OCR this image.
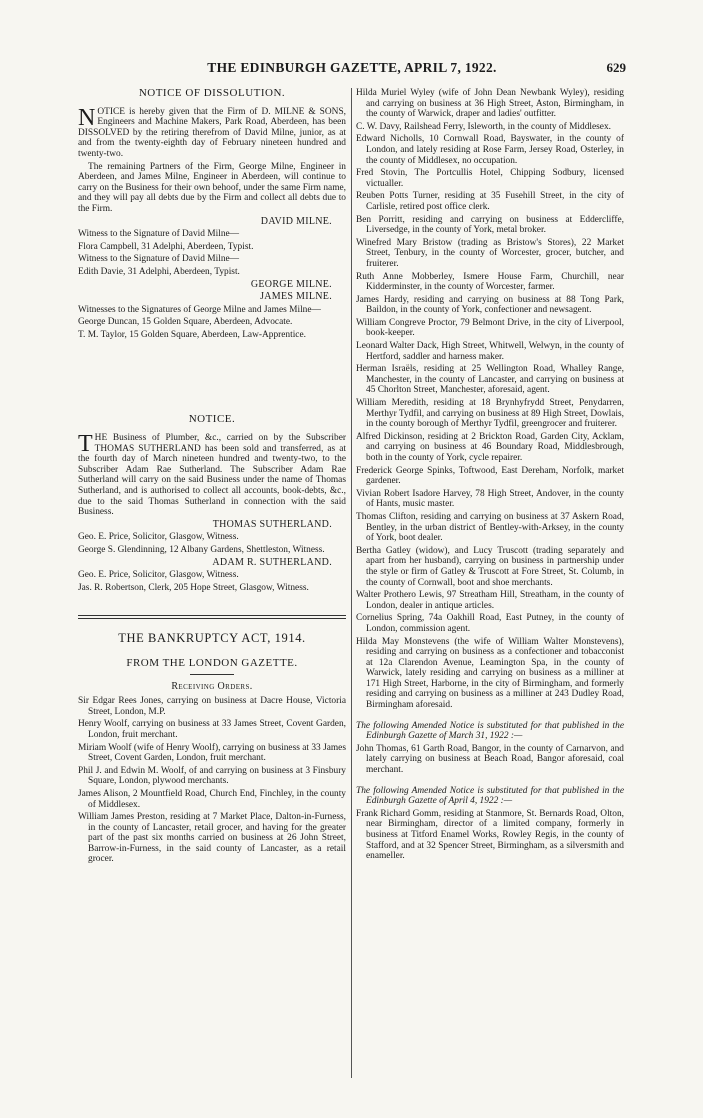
THE EDINBURGH GAZETTE, APRIL 7, 1922.	629
NOTICE OF DISSOLUTION.

NOTICE is hereby given that the Firm of D. MILNE & SONS, Engineers and Machine Makers, Park Road, Aberdeen, has been DISSOLVED by the retiring therefrom of David Milne, junior, as at and from the twenty-eighth day of February nineteen hundred and twenty-two.

The remaining Partners of the Firm, George Milne, Engineer in Aberdeen, and James Milne, Engineer in Aberdeen, will continue to carry on the Business for their own behoof, under the same Firm name, and they will pay all debts due by the Firm and collect all debts due to the Firm.

DAVID MILNE.

Witness to the Signature of David Milne—

Flora Campbell, 31 Adelphi, Aberdeen, Typist.

Witness to the Signature of David Milne—

Edith Davie, 31 Adelphi, Aberdeen, Typist.

GEORGE MILNE.
JAMES MILNE.

Witnesses to the Signatures of George Milne and James Milne—

George Duncan, 15 Golden Square, Aberdeen, Advocate.

T. M. Taylor, 15 Golden Square, Aberdeen, Law-Apprentice.

NOTICE.

THE Business of Plumber, &c., carried on by the Subscriber THOMAS SUTHERLAND has been sold and transferred, as at the fourth day of March nineteen hundred and twenty-two, to the Subscriber Adam Rae Sutherland. The Subscriber Adam Rae Sutherland will carry on the said Business under the name of Thomas Sutherland, and is authorised to collect all accounts, book-debts, &c., due to the said Thomas Sutherland in connection with the said Business.

THOMAS SUTHERLAND.

Geo. E. Price, Solicitor, Glasgow, Witness.

George S. Glendinning, 12 Albany Gardens, Shettleston, Witness.

ADAM R. SUTHERLAND.

Geo. E. Price, Solicitor, Glasgow, Witness.

Jas. R. Robertson, Clerk, 205 Hope Street, Glasgow, Witness.

THE BANKRUPTCY ACT, 1914.
FROM THE LONDON GAZETTE.
Receiving Orders.

Sir Edgar Rees Jones, carrying on business at Dacre House, Victoria Street, London, M.P.

Henry Woolf, carrying on business at 33 James Street, Covent Garden, London, fruit merchant.

Miriam Woolf (wife of Henry Woolf), carrying on business at 33 James Street, Covent Garden, London, fruit merchant.

Phil J. and Edwin M. Woolf, of and carrying on business at 3 Finsbury Square, London, plywood merchants.

James Alison, 2 Mountfield Road, Church End, Finchley, in the county of Middlesex.

William James Preston, residing at 7 Market Place, Dalton-in-Furness, in the county of Lancaster, retail grocer, and having for the greater part of the past six months carried on business at 26 John Street, Barrow-in-Furness, in the said county of Lancaster, as a retail grocer.

Hilda Muriel Wyley (wife of John Dean Newbank Wyley), residing and carrying on business at 36 High Street, Aston, Birmingham, in the county of Warwick, draper and ladies' outfitter.

C. W. Davy, Railshead Ferry, Isleworth, in the county of Middlesex.

Edward Nicholls, 10 Cornwall Road, Bayswater, in the county of London, and lately residing at Rose Farm, Jersey Road, Osterley, in the county of Middlesex, no occupation.

Fred Stovin, The Portcullis Hotel, Chipping Sodbury, licensed victualler.

Reuben Potts Turner, residing at 35 Fusehill Street, in the city of Carlisle, retired post office clerk.

Ben Porritt, residing and carrying on business at Eddercliffe, Liversedge, in the county of York, metal broker.

Winefred Mary Bristow (trading as Bristow's Stores), 22 Market Street, Tenbury, in the county of Worcester, grocer, butcher, and fruiterer.

Ruth Anne Mobberley, Ismere House Farm, Churchill, near Kidderminster, in the county of Worcester, farmer.

James Hardy, residing and carrying on business at 88 Tong Park, Baildon, in the county of York, confectioner and newsagent.

William Congreve Proctor, 79 Belmont Drive, in the city of Liverpool, book-keeper.

Leonard Walter Dack, High Street, Whitwell, Welwyn, in the county of Hertford, saddler and harness maker.

Herman Israëls, residing at 25 Wellington Road, Whalley Range, Manchester, in the county of Lancaster, and carrying on business at 45 Chorlton Street, Manchester, aforesaid, agent.

William Meredith, residing at 18 Brynhyfrydd Street, Penydarren, Merthyr Tydfil, and carrying on business at 89 High Street, Dowlais, in the county borough of Merthyr Tydfil, greengrocer and fruiterer.

Alfred Dickinson, residing at 2 Brickton Road, Garden City, Acklam, and carrying on business at 46 Boundary Road, Middlesbrough, both in the county of York, cycle repairer.

Frederick George Spinks, Toftwood, East Dereham, Norfolk, market gardener.

Vivian Robert Isadore Harvey, 78 High Street, Andover, in the county of Hants, music master.

Thomas Clifton, residing and carrying on business at 37 Askern Road, Bentley, in the urban district of Bentley-with-Arksey, in the county of York, boot dealer.

Bertha Gatley (widow), and Lucy Truscott (trading separately and apart from her husband), carrying on business in partnership under the style or firm of Gatley & Truscott at Fore Street, St. Columb, in the county of Cornwall, boot and shoe merchants.

Walter Prothero Lewis, 97 Streatham Hill, Streatham, in the county of London, dealer in antique articles.

Cornelius Spring, 74a Oakhill Road, East Putney, in the county of London, commission agent.

Hilda May Monstevens (the wife of William Walter Monstevens), residing and carrying on business as a confectioner and tobacconist at 12a Clarendon Avenue, Leamington Spa, in the county of Warwick, lately residing and carrying on business as a milliner at 171 High Street, Harborne, in the city of Birmingham, and formerly residing and carrying on business as a milliner at 243 Dudley Road, Birmingham aforesaid.

The following Amended Notice is substituted for that published in the Edinburgh Gazette of March 31, 1922 :—

John Thomas, 61 Garth Road, Bangor, in the county of Carnarvon, and lately carrying on business at Beach Road, Bangor aforesaid, coal merchant.

The following Amended Notice is substituted for that published in the Edinburgh Gazette of April 4, 1922 :—

Frank Richard Gomm, residing at Stanmore, St. Bernards Road, Olton, near Birmingham, director of a limited company, formerly in business at Titford Enamel Works, Rowley Regis, in the county of Stafford, and at 32 Spencer Street, Birmingham, as a silversmith and enameller.
